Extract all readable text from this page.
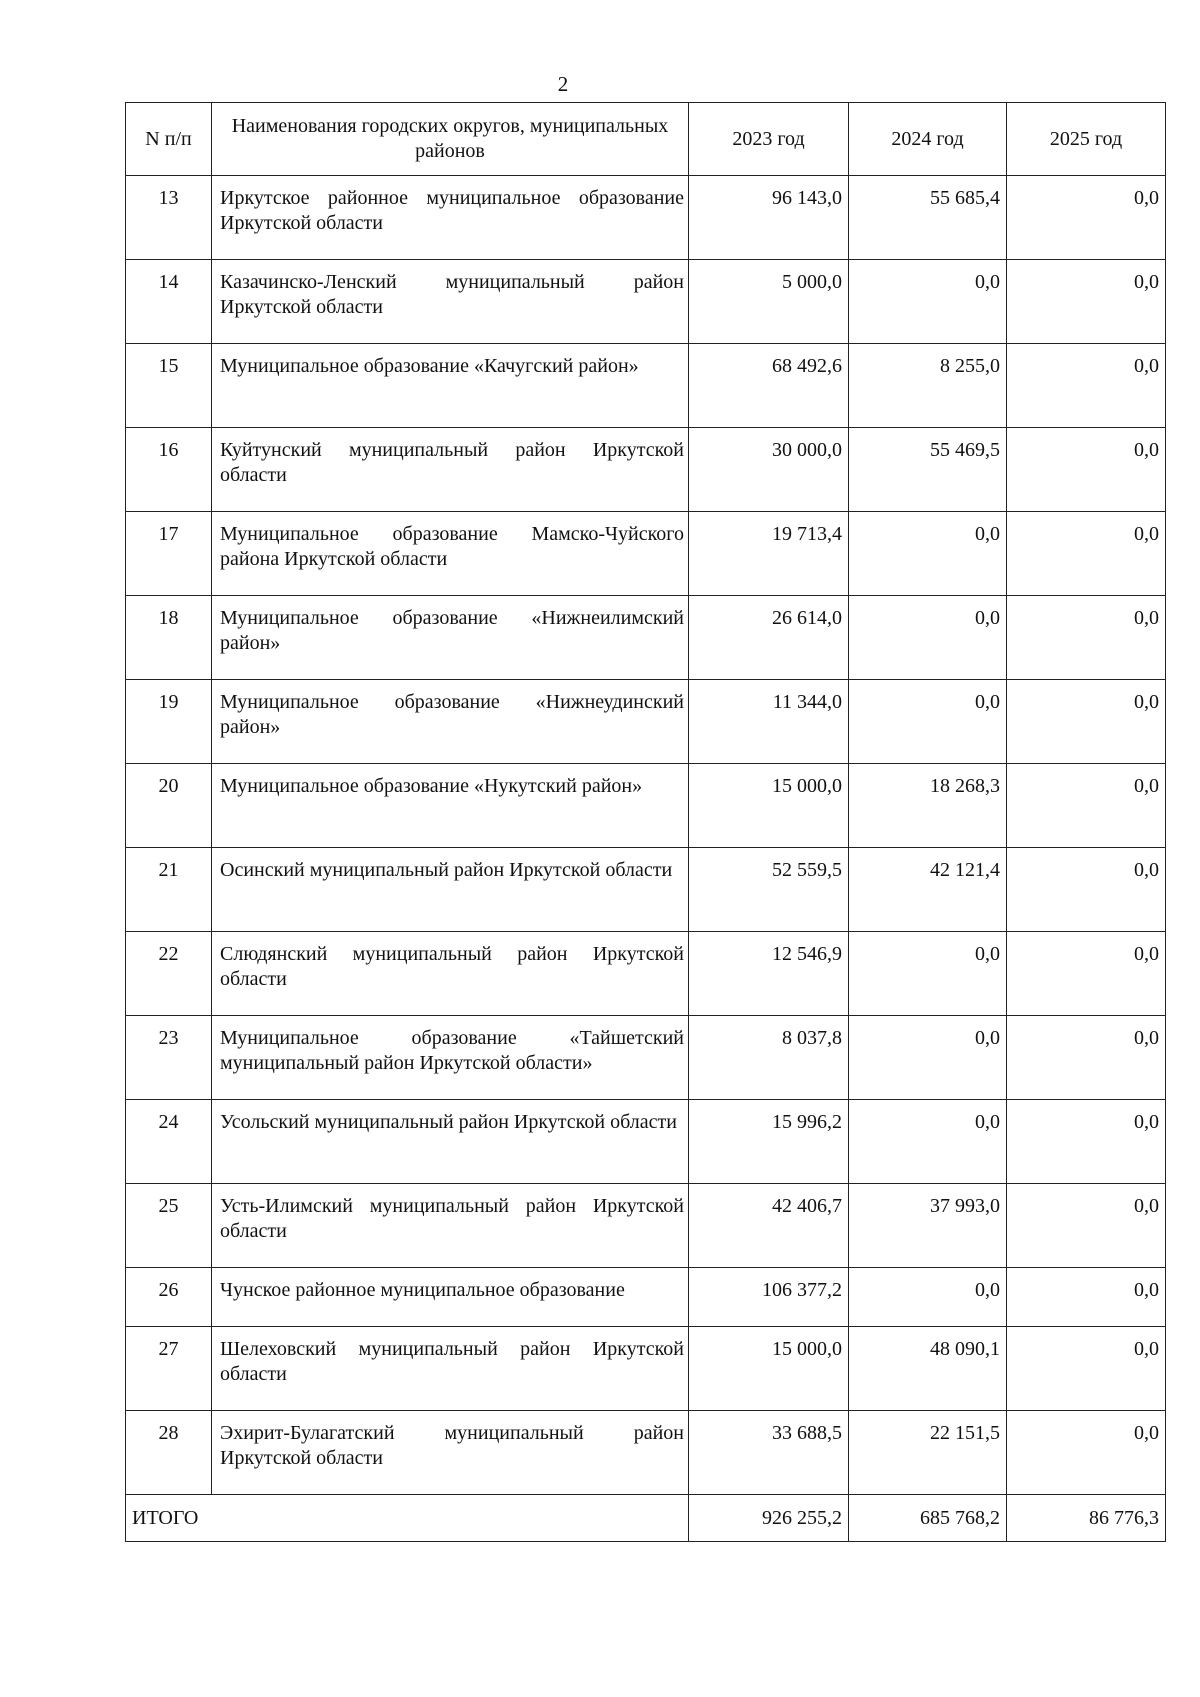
2
N п/п	Наименования городских округов, муниципальных районов	2023 год	2024 год	2025 год
13	Иркутское районное муниципальное образование Иркутской области	96 143,0	55 685,4	0,0
14	Казачинско-Ленский муниципальный район Иркутской области	5 000,0	0,0	0,0
15	Муниципальное образование «Качугский район»	68 492,6	8 255,0	0,0
16	Куйтунский муниципальный район Иркутской области	30 000,0	55 469,5	0,0
17	Муниципальное образование Мамско-Чуйского района Иркутской области	19 713,4	0,0	0,0
18	Муниципальное образование «Нижнеилимский район»	26 614,0	0,0	0,0
19	Муниципальное образование «Нижнеудинский район»	11 344,0	0,0	0,0
20	Муниципальное образование «Нукутский район»	15 000,0	18 268,3	0,0
21	Осинский муниципальный район Иркутской области	52 559,5	42 121,4	0,0
22	Слюдянский муниципальный район Иркутской области	12 546,9	0,0	0,0
23	Муниципальное образование «Тайшетский муниципальный район Иркутской области»	8 037,8	0,0	0,0
24	Усольский муниципальный район Иркутской области	15 996,2	0,0	0,0
25	Усть-Илимский муниципальный район Иркутской области	42 406,7	37 993,0	0,0
26	Чунское районное муниципальное образование	106 377,2	0,0	0,0
27	Шелеховский муниципальный район Иркутской области	15 000,0	48 090,1	0,0
28	Эхирит-Булагатский муниципальный район Иркутской области	33 688,5	22 151,5	0,0
ИТОГО		926 255,2	685 768,2	86 776,3
